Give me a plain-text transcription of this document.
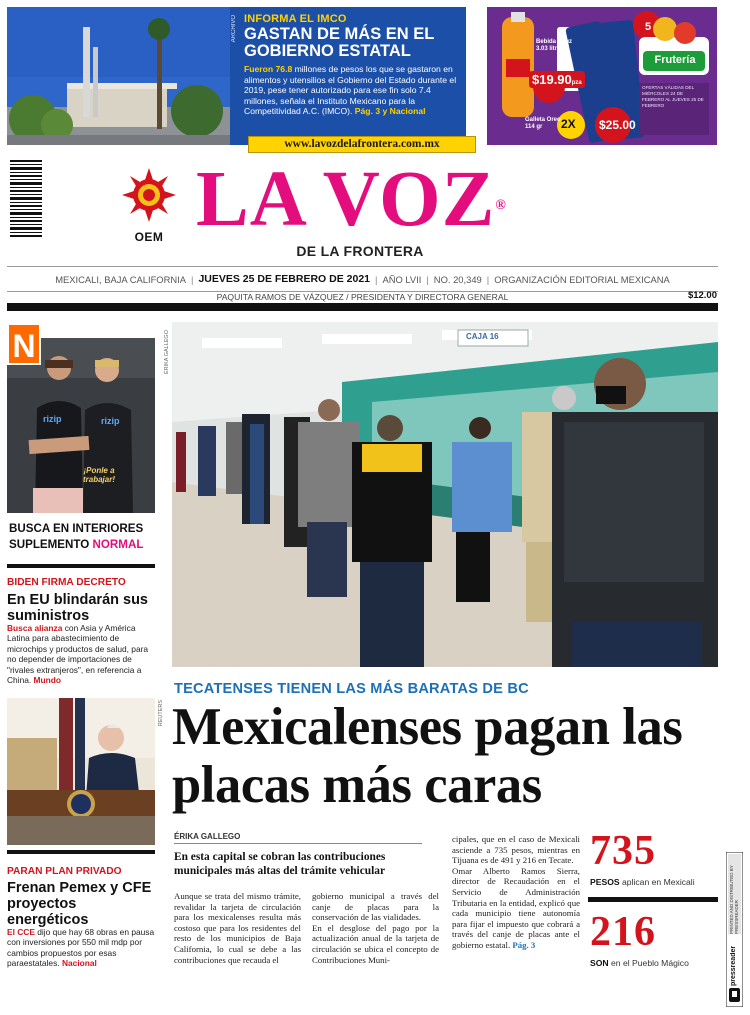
ARCHIVO INFORMA EL IMCO
GASTAN DE MÁS EN EL GOBIERNO ESTATAL
Fueron 76.8 millones de pesos los que se gastaron en alimentos y utensilios el Gobierno del Estado durante el 2019, pese tener autorizado para ese fin solo 7.4 millones, señala el Instituto Mexicano para la Competitividad A.C. (IMCO). Pág. 3 y Nacional
www.lavozdelafrontera.com.mx
Bebida Ciluz 3.03 litro
$19.90pza
Galleta Oreo 114 gr	2X $25.00
5
Frutería
OFERTAS VÁLIDAS DEL MIÉRCOLES 24 DE FEBRERO AL JUEVES 25 DE FEBRERO
OEM LA VOZ®
DE LA FRONTERA
MEXICALI, BAJA CALIFORNIA | JUEVES 25 DE FEBRERO DE 2021 | AÑO LVII | NO. 20,349 | ORGANIZACIÓN EDITORIAL MEXICANA
PAQUITA RAMOS DE VÁZQUEZ / PRESIDENTA Y DIRECTORA GENERAL	$12.00
rizip	rizip
¡Ponle a trabajar!
N
BUSCA EN INTERIORES
SUPLEMENTO NORMAL
BIDEN FIRMA DECRETO
En EU blindarán sus suministros
Busca alianza con Asia y América Latina para abastecimiento de microchips y productos de salud, para no depender de importaciones de "rivales extranjeros", en referencia a China. Mundo
REUTERS
PARAN PLAN PRIVADO
Frenan Pemex y CFE proyectos energéticos
El CCE dijo que hay 68 obras en pausa con inversiones por 550 mil mdp por cambios propuestos por esas paraestatales. Nacional
ÉRIKA GALLEGO	CAJA 16
TECATENSES TIENEN LAS MÁS BARATAS DE BC
Mexicalenses pagan las placas más caras
ÉRIKA GALLEGO
En esta capital se cobran las contribuciones municipales más altas del trámite vehicular
Aunque se trata del mismo trámite, revalidar la tarjeta de circulación para los mexicalenses resulta más costoso que para los residentes del resto de los municipios de Baja California, lo cual se debe a las contribuciones que recauda el
gobierno municipal a través del canje de placas para la conservación de las vialidades.
En el desglose del pago por la actualización anual de la tarjeta de circulación se ubica el concepto de Contribuciones Muni-
cipales, que en el caso de Mexicali asciende a 735 pesos, mientras en Tijuana es de 491 y 216 en Tecate.
Omar Alberto Ramos Sierra, director de Recaudación en el Servicio de Administración Tributaria en la entidad, explicó que cada municipio tiene autonomía para fijar el impuesto que cobrará a través del canje de placas ante el gobierno estatal. Pág. 3
735
PESOS aplican en Mexicali
216
SON en el Pueblo Mágico
PRINTED AND DISTRIBUTED BY PRESSREADER
pressreader
